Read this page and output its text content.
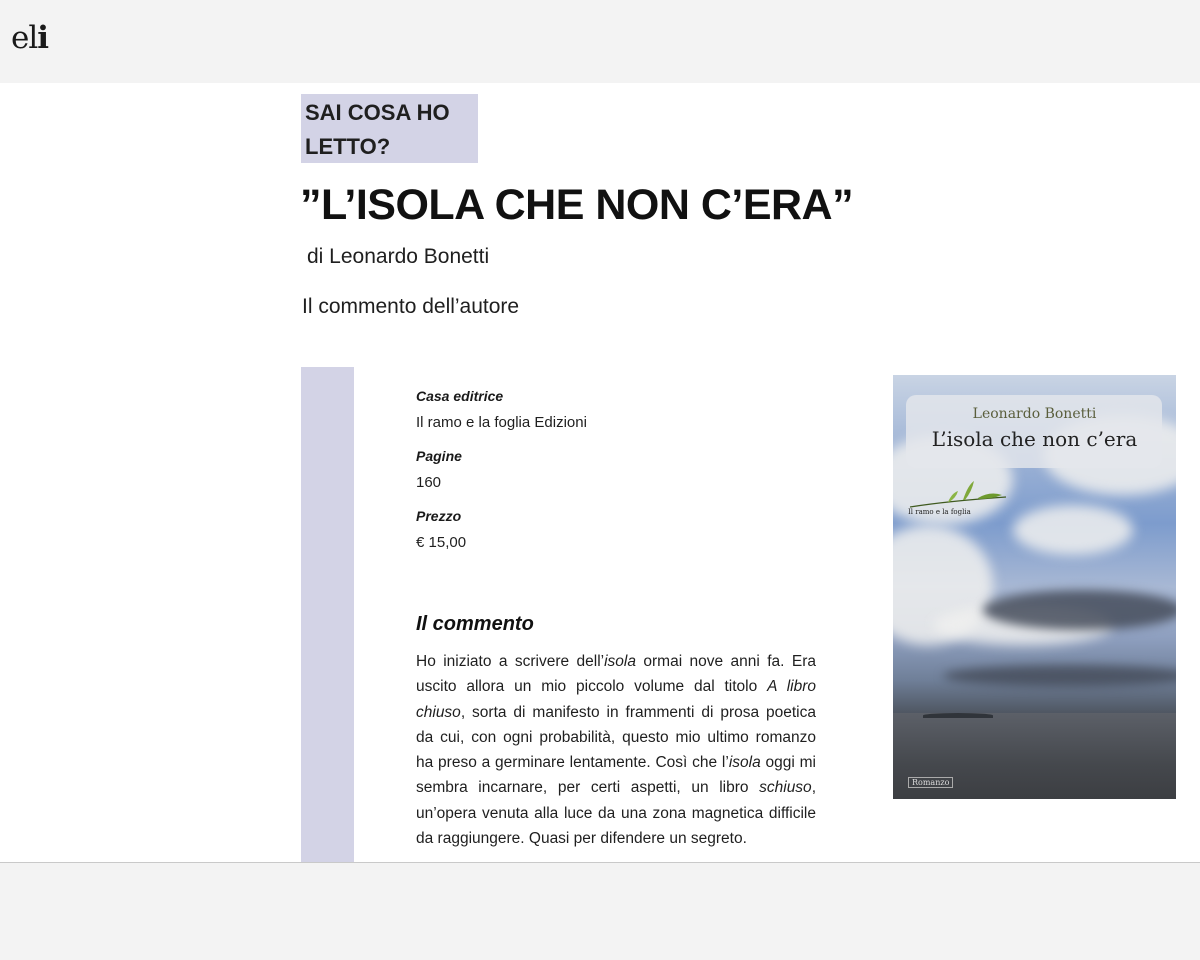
eli
SAI COSA HO LETTO?
”L’ISOLA CHE NON C’ERA”
di Leonardo Bonetti
Il commento dell’autore
Casa editrice
Il ramo e la foglia Edizioni
Pagine
160
Prezzo
€ 15,00
Il commento
Ho iniziato a scrivere dell’isola ormai nove anni fa. Era uscito allora un mio piccolo volume dal titolo A libro chiuso, sorta di manifesto in frammenti di prosa poetica da cui, con ogni probabilità, questo mio ultimo romanzo ha preso a germinare lentamente. Così che l’isola oggi mi sembra incarnare, per certi aspetti, un libro schiuso, un’opera venuta alla luce da una zona magnetica difficile da raggiungere. Quasi per difendere un segreto.
Leonardo Bonetti
L’isola che non c’era
Il ramo e la foglia
Romanzo
